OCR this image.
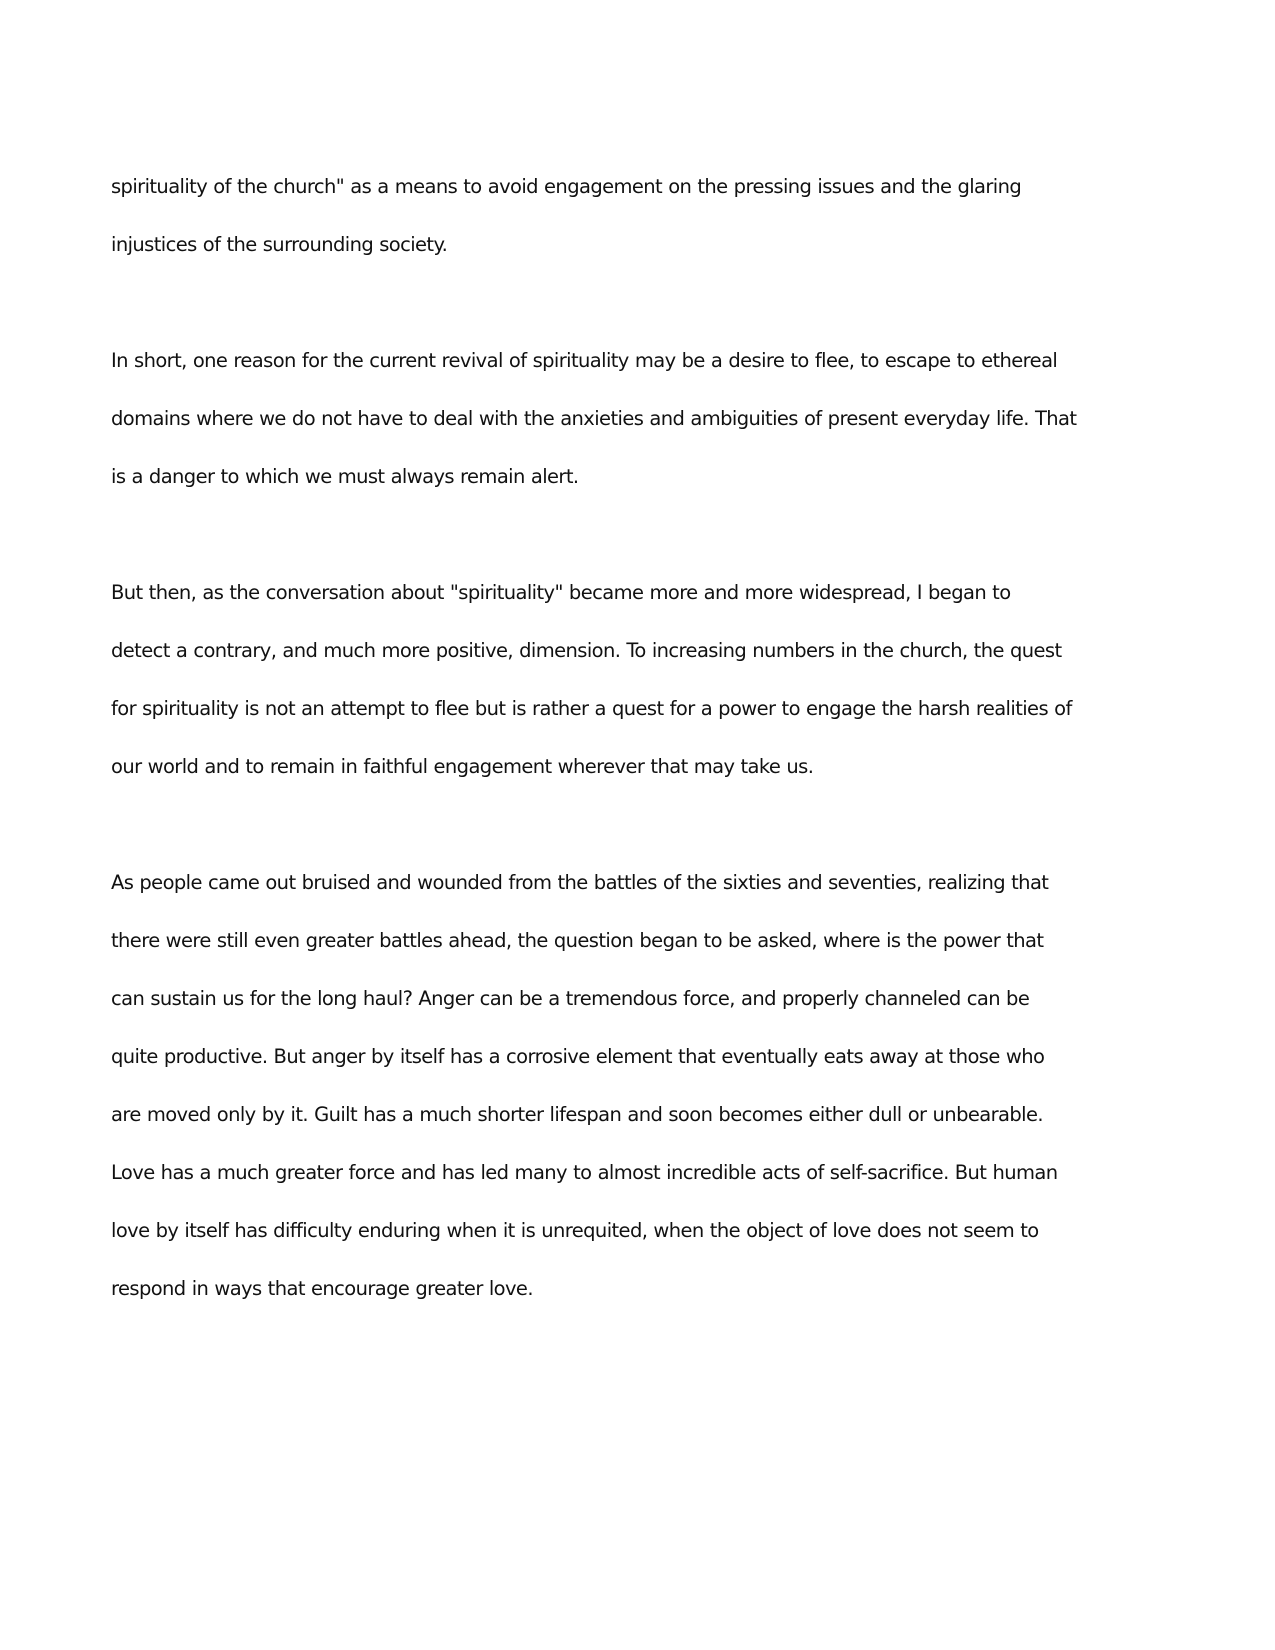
spirituality of the church" as a means to avoid engagement on the pressing issues and the glaring

injustices of the surrounding society.

In short, one reason for the current revival of spirituality may be a desire to flee, to escape to ethereal

domains where we do not have to deal with the anxieties and ambiguities of present everyday life. That

is a danger to which we must always remain alert.

But then, as the conversation about "spirituality" became more and more widespread, I began to

detect a contrary, and much more positive, dimension. To increasing numbers in the church, the quest

for spirituality is not an attempt to flee but is rather a quest for a power to engage the harsh realities of

our world and to remain in faithful engagement wherever that may take us.

As people came out bruised and wounded from the battles of the sixties and seventies, realizing that

there were still even greater battles ahead, the question began to be asked, where is the power that

can sustain us for the long haul? Anger can be a tremendous force, and properly channeled can be

quite productive. But anger by itself has a corrosive element that eventually eats away at those who

are moved only by it. Guilt has a much shorter lifespan and soon becomes either dull or unbearable.

Love has a much greater force and has led many to almost incredible acts of self-sacrifice. But human

love by itself has difficulty enduring when it is unrequited, when the object of love does not seem to

respond in ways that encourage greater love.
